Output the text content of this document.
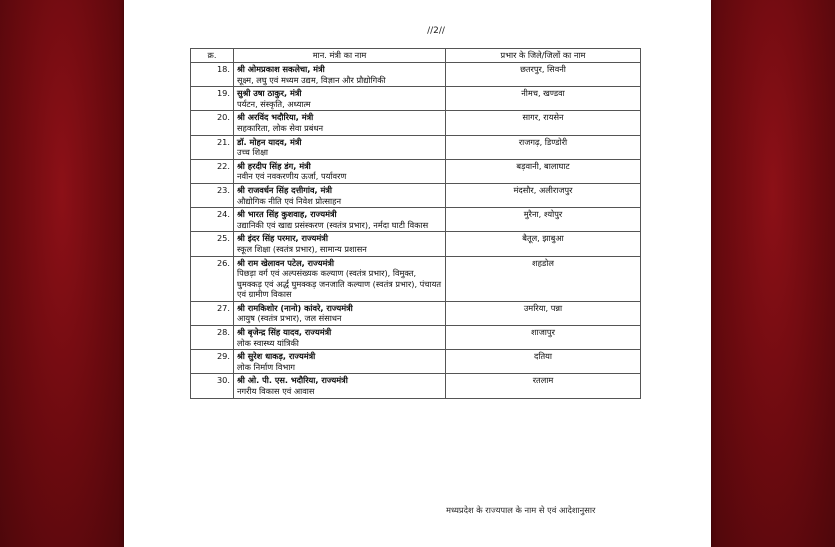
//2//
क्र.	मान. मंत्री का नाम	प्रभार के जिले/जिलों का नाम
18.	श्री ओमप्रकाश सकलेचा, मंत्री
सूक्ष्म, लघु एवं मध्यम उद्यम, विज्ञान और प्रौद्योगिकी	छतरपुर, सिवनी
19.	सुश्री उषा ठाकुर, मंत्री
पर्यटन, संस्कृति, अध्यात्म	नीमच, खण्डवा
20.	श्री अरविंद भदौरिया, मंत्री
सहकारिता, लोक सेवा प्रबंधन	सागर, रायसेन
21.	डॉ. मोहन यादव, मंत्री
उच्च शिक्षा	राजगढ़, डिण्डोरी
22.	श्री हरदीप सिंह डंग, मंत्री
नवीन एवं नवकरणीय ऊर्जा, पर्यावरण	बड़वानी, बालाघाट
23.	श्री राजवर्धन सिंह दत्तीगांव, मंत्री
औद्योगिक नीति एवं निवेश प्रोत्साहन	मंदसौर, अलीराजपुर
24.	श्री भारत सिंह कुशवाह, राज्यमंत्री
उद्यानिकी एवं खाद्य प्रसंस्करण (स्वतंत्र प्रभार), नर्मदा घाटी विकास	मुरैना, श्योपुर
25.	श्री इंदर सिंह परमार, राज्यमंत्री
स्कूल शिक्षा (स्वतंत्र प्रभार), सामान्य प्रशासन	बैतूल, झाबुआ
26.	श्री राम खेलावन पटेल, राज्यमंत्री
पिछड़ा वर्ग एवं अल्पसंख्यक कल्याण (स्वतंत्र प्रभार), विमुक्त, घुमक्कड़ एवं अर्द्ध घुमक्कड़ जनजाति कल्याण (स्वतंत्र प्रभार), पंचायत एवं ग्रामीण विकास	शहडोल
27.	श्री रामकिशोर (नानो) कांवरे, राज्यमंत्री
आयुष (स्वतंत्र प्रभार), जल संसाधन	उमरिया, पन्ना
28.	श्री बृजेन्द्र सिंह यादव, राज्यमंत्री
लोक स्वास्थ्य यांत्रिकी	शाजापुर
29.	श्री सुरेश धाकड़, राज्यमंत्री
लोक निर्माण विभाग	दतिया
30.	श्री ओ. पी. एस. भदौरिया, राज्यमंत्री
नगरीय विकास एवं आवास	रतलाम
मध्यप्रदेश के राज्यपाल के नाम से एवं आदेशानुसार
